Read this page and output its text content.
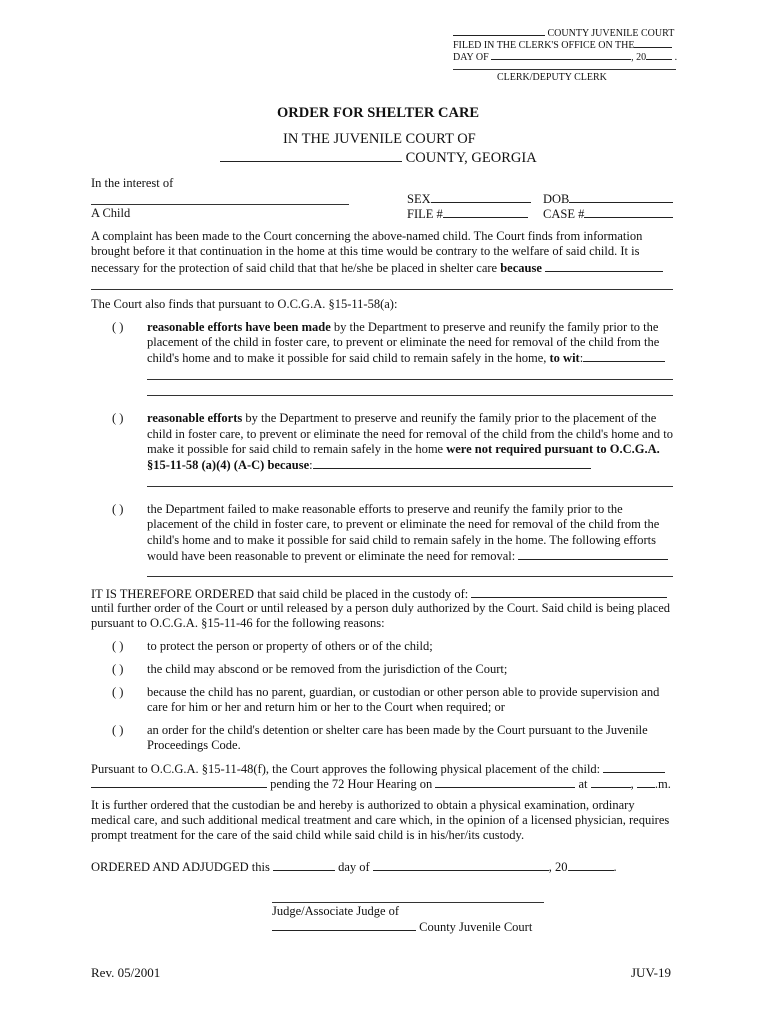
COUNTY JUVENILE COURT
FILED IN THE CLERK'S OFFICE ON THE
DAY OF	, 20	.
CLERK/DEPUTY CLERK
ORDER FOR SHELTER CARE
IN THE JUVENILE COURT OF
COUNTY, GEORGIA
In the interest of
A Child
SEX	DOB
FILE #	CASE #
A complaint has been made to the Court concerning the above-named child. The Court finds from information
brought before it that continuation in the home at this time would be contrary to the welfare of said child. It is
necessary for the protection of said child that that he/she be placed in shelter care because
The Court also finds that pursuant to O.C.G.A. §15-11-58(a):
( ) reasonable efforts have been made by the Department to preserve and reunify the family prior to the
placement of the child in foster care, to prevent or eliminate the need for removal of the child from the
child's home and to make it possible for said child to remain safely in the home, to wit:
( ) reasonable efforts by the Department to preserve and reunify the family prior to the placement of the
child in foster care, to prevent or eliminate the need for removal of the child from the child's home and to
make it possible for said child to remain safely in the home were not required pursuant to O.C.G.A.
§15-11-58 (a)(4) (A-C) because:
( ) the Department failed to make reasonable efforts to preserve and reunify the family prior to the
placement of the child in foster care, to prevent or eliminate the need for removal of the child from the
child's home and to make it possible for said child to remain safely in the home. The following efforts
would have been reasonable to prevent or eliminate the need for removal:
IT IS THEREFORE ORDERED that said child be placed in the custody of:
until further order of the Court or until released by a person duly authorized by the Court. Said child is being placed
pursuant to O.C.G.A. §15-11-46 for the following reasons:
( ) to protect the person or property of others or of the child;
( ) the child may abscond or be removed from the jurisdiction of the Court;
( ) because the child has no parent, guardian, or custodian or other person able to provide supervision and
care for him or her and return him or her to the Court when required; or
( ) an order for the child's detention or shelter care has been made by the Court pursuant to the Juvenile
Proceedings Code.
Pursuant to O.C.G.A. §15-11-48(f), the Court approves the following physical placement of the child:
pending the 72 Hour Hearing on	at	, .m.
It is further ordered that the custodian be and hereby is authorized to obtain a physical examination, ordinary
medical care, and such additional medical treatment and care which, in the opinion of a licensed physician, requires
prompt treatment for the care of the said child while said child is in his/her/its custody.
ORDERED AND ADJUDGED this	day of	, 20	.
Judge/Associate Judge of
County Juvenile Court
Rev. 05/2001	JUV-19
